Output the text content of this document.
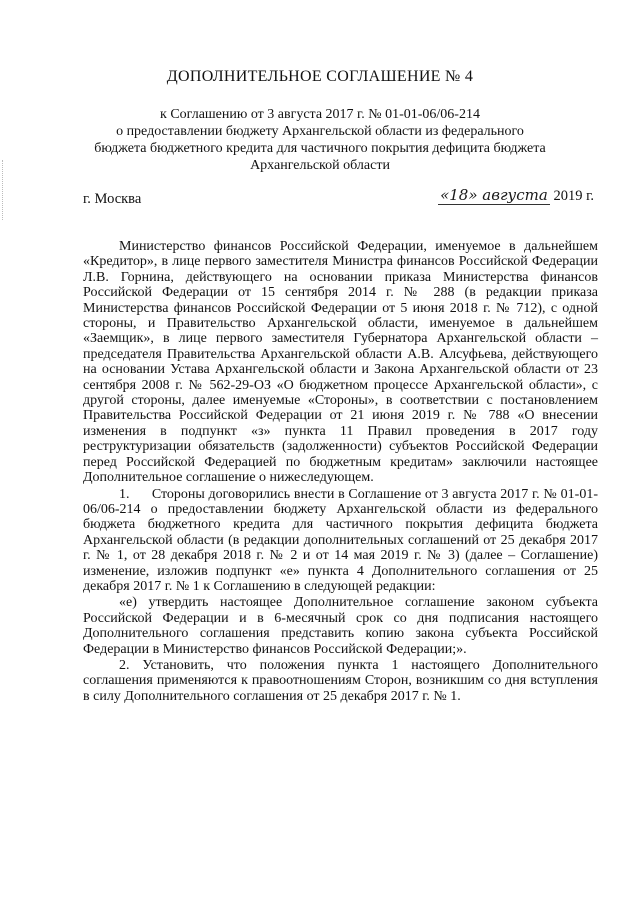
ДОПОЛНИТЕЛЬНОЕ СОГЛАШЕНИЕ № 4
к Соглашению от 3 августа 2017 г. № 01-01-06/06-214
о предоставлении бюджету Архангельской области из федерального
бюджета бюджетного кредита для частичного покрытия дефицита бюджета
Архангельской области
г. Москва	«18» августа 2019 г.

Министерство финансов Российской Федерации, именуемое в дальнейшем «Кредитор», в лице первого заместителя Министра финансов Российской Федерации Л.В. Горнина, действующего на основании приказа Министерства финансов Российской Федерации от 15 сентября 2014 г. № 288 (в редакции приказа Министерства финансов Российской Федерации от 5 июня 2018 г. № 712), с одной стороны, и Правительство Архангельской области, именуемое в дальнейшем «Заемщик», в лице первого заместителя Губернатора Архангельской области – председателя Правительства Архангельской области А.В. Алсуфьева, действующего на основании Устава Архангельской области и Закона Архангельской области от 23 сентября 2008 г. № 562-29-ОЗ «О бюджетном процессе Архангельской области», с другой стороны, далее именуемые «Стороны», в соответствии с постановлением Правительства Российской Федерации от 21 июня 2019 г. № 788 «О внесении изменения в подпункт «з» пункта 11 Правил проведения в 2017 году реструктуризации обязательств (задолженности) субъектов Российской Федерации перед Российской Федерацией по бюджетным кредитам» заключили настоящее Дополнительное соглашение о нижеследующем.

1.      Стороны договорились внести в Соглашение от 3 августа 2017 г. № 01-01-06/06-214 о предоставлении бюджету Архангельской области из федерального бюджета бюджетного кредита для частичного покрытия дефицита бюджета Архангельской области (в редакции дополнительных соглашений от 25 декабря 2017 г. № 1, от 28 декабря 2018 г. № 2 и от 14 мая 2019 г. № 3) (далее – Соглашение) изменение, изложив подпункт «е» пункта 4 Дополнительного соглашения от 25 декабря 2017 г. № 1 к Соглашению в следующей редакции:

«е) утвердить настоящее Дополнительное соглашение законом субъекта Российской Федерации и в 6-месячный срок со дня подписания настоящего Дополнительного соглашения представить копию закона субъекта Российской Федерации в Министерство финансов Российской Федерации;».

2. Установить, что положения пункта 1 настоящего Дополнительного соглашения применяются к правоотношениям Сторон, возникшим со дня вступления в силу Дополнительного соглашения от 25 декабря 2017 г. № 1.
